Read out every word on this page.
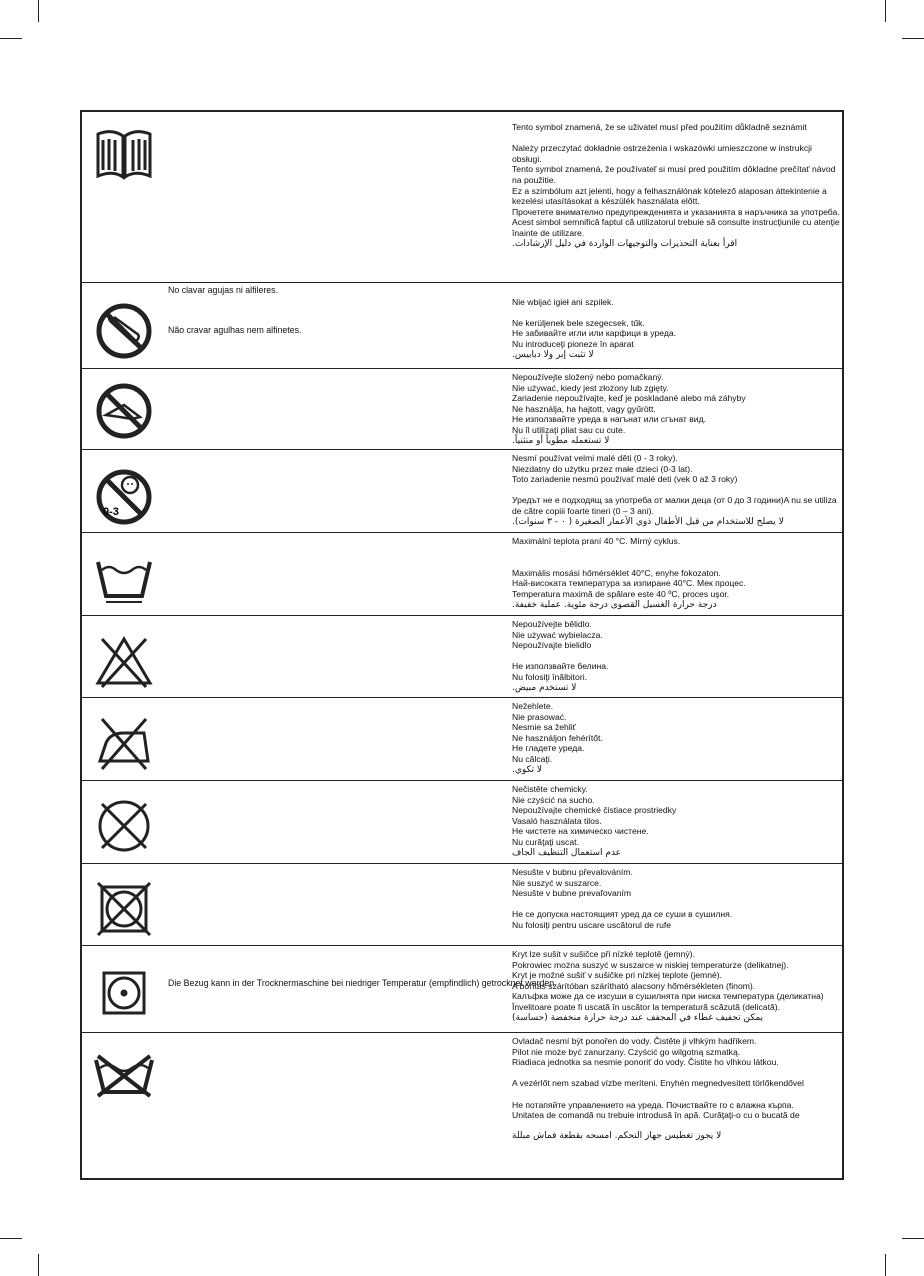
Tento symbol znamená, že se uživatel musí před použitím důkladně seznámit
Należy przeczytać dokładnie ostrzeżenia i wskazówki umieszczone w instrukcji obsługi.
Tento symbol znamená, že používateľ si musí pred použitím dôkladne prečítať návod na použitie.
Ez a szimbólum azt jelenti, hogy a felhasználónak kötelező alaposan áttekintenie a kezelési utasításokat a készülék használata előtt.
Прочетете внимателно предупрежденията и указанията в наръчника за употреба.
Acest simbol semnifică faptul că utilizatorul trebuie să consulte instrucţiunile cu atenţie înainte de utilizare.
اقرأ بعناية التحذيرات والتوجيهات الواردة في دليل الإرشادات.
No clavar agujas ni alfileres.

Não cravar agulhas nem alfinetes.
Nie wbijać igieł ani szpilek.
Ne kerüljenek bele szegecsek, tűk.
Не забивайте игли или карфици в уреда.
Nu introduceţi pioneze în aparat
لا تثبت إبر ولا دبابيس.
Nepoužívejte složený nebo pomačkaný.
Nie używać, kiedy jest złożony lub zgięty.
Zariadenie nepoužívajte, keď je poskladané alebo má záhyby
Ne használja, ha hajtott, vagy gyűrött.
Не използвайте уреда в нагънат или сгънат вид.
Nu îl utilizaţi pliat sau cu cute.
لا تستعمله مطوياً أو منثنياً.
0-3
Nesmí používat velmi malé děti (0 - 3 roky).
Niezdatny do użytku przez małe dzieci (0-3 lat).
Toto zariadenie nesmú používať malé deti (vek 0 až 3 roky)
Уредът не е подходящ за употреба от малки деца (от 0 до 3 години)A nu se utiliza de către copiii foarte tineri (0 – 3 ani).
لا يصلح للاستخدام من قبل الأطفال ذوي الأعمار الصغيرة ( ٠ - ٣ سنوات).
Maximální teplota praní 40 °C. Mírný cyklus.
Maximális mosási hőmérséklet 40°C, enyhe fokozaton.
Най-високата температура за изпиране 40°C. Мек процес.
Temperatura maximă de spălare este 40 ºC, proces uşor.
درجة حرارة الغسيل القصوى درجة مئوية. عملية خفيفة.
Nepoužívejte bělidlo.
Nie używać wybielacza.
Nepoužívajte bielidlo
Не използвайте белина.
Nu folosiţi înălbitori.
لا تستخدم مبيض.
Nežehlete.
Nie prasować.
Nesmie sa žehliť
Ne használjon fehérítőt.
Не гладете уреда.
Nu călcaţi.
لا تكوي.
Nečistěte chemicky.
Nie czyścić na sucho.
Nepoužívajte chemické čistiace prostriedky
Vasaló használata tilos.
Не чистете на химическо чистене.
Nu curăţaţi uscat.
عدم استعمال التنظيف الجاف
Nesušte v bubnu převalováním.
Nie suszyć w suszarce.
Nesušte v bubne prevaľovaním
Не се допуска настоящият уред да се суши в сушилня.
Nu folosiţi pentru uscare uscătorul de rufe

Die Bezug kann in der Trocknermaschine bei niedriger Temperatur (empfindlich) getrocknet werden.
Kryt lze sušit v sušičce při nízké teplotě (jemný).
Pokrowiec można suszyć w suszarce w niskiej temperaturze (delikatnej).
Kryt je možné sušiť v sušičke pri nízkej teplote (jemné).
A borítás szárítóban szárítható alacsony hőmérsékleten (finom).
Калъфка може да се изсуши в сушилнята при ниска температура (деликатна)
Învelitoare poate fi uscată în uscător la temperatură scăzută (delicată).
يمكن تجفيف غطاء في المجفف عند درجة حرارة منخفضة (حساسة)
Ovladač nesmí být ponořen do vody. Čistěte ji vlhkým hadříkem.
Pilot nie może być zanurzany. Czyścić go wilgotną szmatką.
Riadiaca jednotka sa nesmie ponoriť do vody. Čistite ho vlhkou látkou.
A vezérlőt nem szabad vízbe meríteni. Enyhén megnedvesített törlőkendővel
Не потапяйте управлението на уреда. Почиствайте го с влажна кърпа.
Unitatea de comandă nu trebuie introdusă în apă. Curăţaţi-o cu o bucată de
لا يجوز تغطيس جهاز التحكم. امسحه بقطعة قماش مبللة
